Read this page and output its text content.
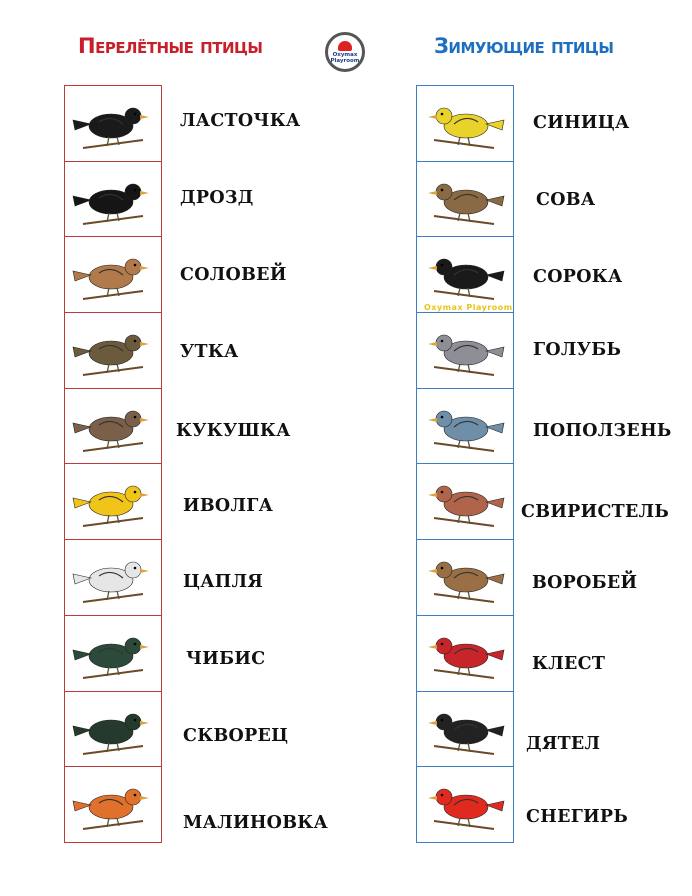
Перелётные птицы	Oxymax
Playroom
Зимующие птицы
Oxymax Playroom
ЛАСТОЧКА
ДРОЗД
СОЛОВЕЙ
УТКА
КУКУШКА
ИВОЛГА
ЦАПЛЯ
ЧИБИС
СКВОРЕЦ
МАЛИНОВКА
СИНИЦА
СОВА
СОРОКА
ГОЛУБЬ
ПОПОЛЗЕНЬ
СВИРИСТЕЛЬ
ВОРОБЕЙ
КЛЕСТ
ДЯТЕЛ
СНЕГИРЬ
